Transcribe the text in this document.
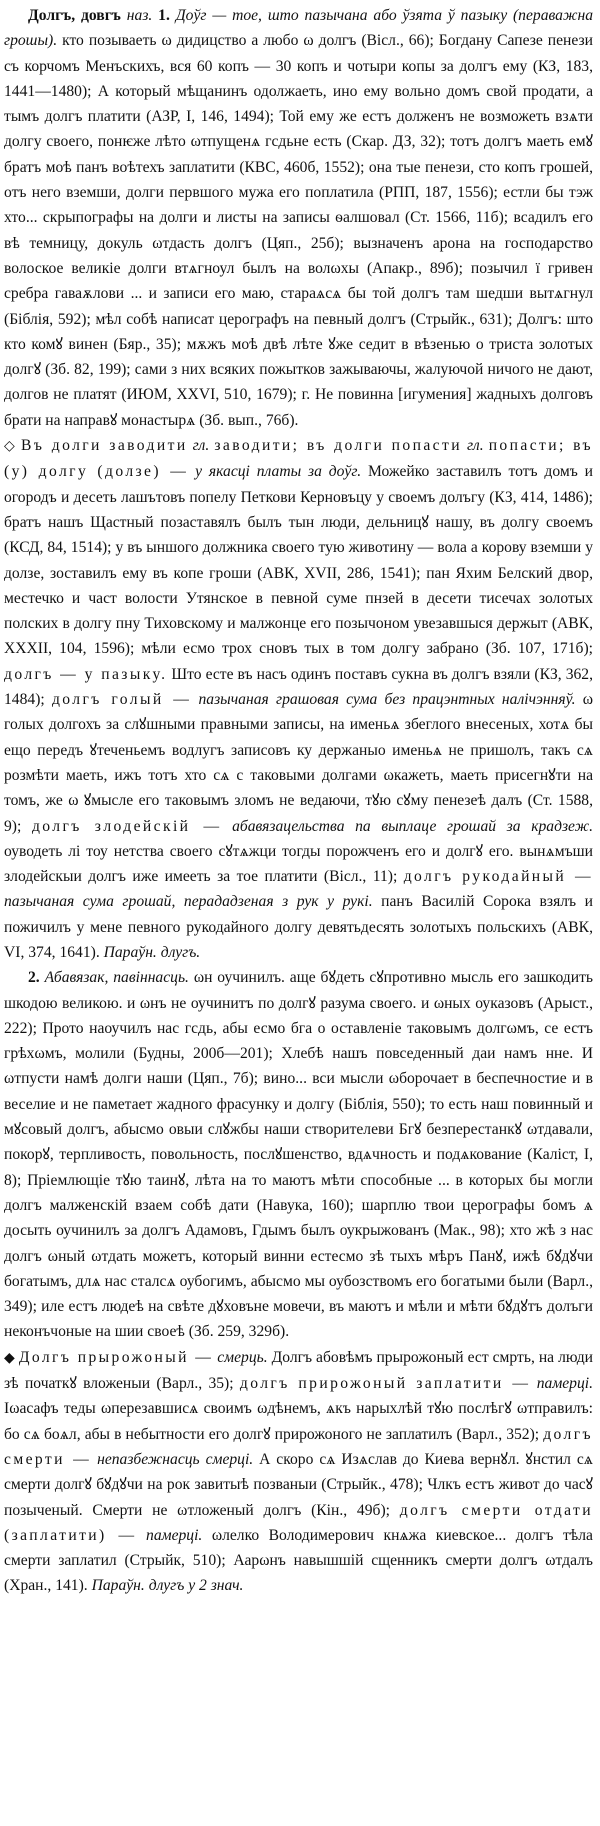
Долгъ, довгъ наз. 1. Доўг — тое, што пазычана або ўзята ў пазыку (пераважна грошы). кто позываеть ω дидицство а любо ω долгъ (Вісл., 66); Богдану Сапезе пенези съ корчомъ Менъскихъ, вся 60 копъ — 30 копъ и чотыри копы за долгъ ему (КЗ, 183, 1441—1480); А который мѣщанинъ одолжаеть, ино ему вольно домъ свой продати, а тымъ долгъ платити (АЗР, I, 146, 1494); Той ему же естъ долженъ не возможеть взѧти долгу своего, понѥже лѣто ωтпущенѧ гсдьне есть (Скар. ДЗ, 32); тотъ долгъ маеть емꙋ братъ моѣ панъ воѣтехъ заплатити (КВС, 460б, 1552); она тые пенези, сто копъ грошей, отъ него вземши, долги первшого мужа его поплатила (РПП, 187, 1556); естли бы тэж хто... скрыпографы на долги и листы на записы ѳалшовал (Ст. 1566, 11б); всадилъ его вѣ темницу, докуль ωтдасть долгъ (Цяп., 25б); вызначенъ арона на господарство волоское великіе долги втѧгноул былъ на волωхы (Апакр., 89б); позычил ї гривен сребра гаваѫлови ... и записи его маю, стараѧсѧ бы той долгъ там шедши вытѧгнул (Біблія, 592); мѣл собѣ написат церографъ на певный долгъ (Стрыйк., 631); Долгъ: што кто комꙋ винен (Бяр., 35); мѫжъ моѣ двѣ лѣте ꙋже седит в вѣзенью о триста золотых долгꙋ (Зб. 82, 199); сами з них всяких пожытков зажываючы, жалуючой ничого не дают, долгов не платят (ИЮМ, XXVI, 510, 1679); г. Не повинна [игумения] жадныхъ долговъ брати на направꙋ монастырѧ (Зб. вып., 76б).

◇ Въ долги заводити гл. заводити; въ долги попасти гл. попасти; въ (у) долгу (долзе) — у якасці платы за доўг. Можейко заставилъ тотъ домъ и огородъ и десеть лашътовъ попелу Петкови Керновъцу у своемъ долъгу (КЗ, 414, 1486); братъ нашъ Щастный позаставялъ былъ тын люди, дельницꙋ нашу, въ долгу своемъ (КСД, 84, 1514); у въ ыншого должника своего тую животину — вола а корову вземши у долзе, зоставилъ ему въ копе гроши (АВК, XVII, 286, 1541); пан Яхим Белский двор, местечко и част волости Утянское в певной суме пнзей в десети тисечах золотых полских в долгу пну Тиховскому и малжонце его позычоном увезавшыся держыт (АВК, XXXII, 104, 1596); мѣли есмо трох сновъ тых в том долгу забрано (Зб. 107, 171б); долгъ — у пазыку. Што есте въ насъ одинъ поставъ сукна въ долгъ взяли (КЗ, 362, 1484); долгъ голый — пазычаная грашовая сума без працэнтных налічэнняў. ω голых долгохъ за слꙋшными правными записы, на именьѧ збеглого внесеных, хотѧ бы ещо передъ ꙋтеченьемъ водлугъ записовъ ку держаныо именьѧ не пришолъ, такъ сѧ розмѣти маеть, ижъ тотъ хто сѧ с таковыми долгами ωкажеть, маеть присегнꙋти на томъ, же ω ꙋмысле его таковымъ зломъ не ведаючи, тꙋю сꙋму пенезеѣ далъ (Ст. 1588, 9); долгъ злодейскій — абавязацельства па выплаце грошай за крадзеж. оуводеть лі тоу нетства своего сꙋтѧжци тогды порожченъ его и долгꙋ его. вынѧмъши злодейскыи долгъ иже имееть за тое платити (Вісл., 11); долгъ рукодайный — пазычаная сума грошай, перададзеная з рук у рукі. панъ Василій Сорока взялъ и пожичилъ у мене певного рукодайного долгу девятьдесять золотыхъ польскихъ (АВК, VI, 374, 1641). Параўн. длугъ.

2. Абавязак, павіннасць. ωн оучинилъ. аще бꙋдеть сꙋпротивно мысль его зашкодить шкодою великою. и ωнъ не оучинитъ по долгꙋ разума своего. и ωных оуказовъ (Арыст., 222); Прото наоучилъ нас гсдь, абы есмо бга о оставленіе таковымъ долгωмъ, се естъ грѣхωмъ, молили (Будны, 200б—201); Хлебѣ нашъ повседенный даи намъ нне. И ωтпусти намѣ долги наши (Цяп., 7б); вино... вси мысли ωборочает в беспечностие и в веселие и не паметает жадного фрасунку и долгу (Біблія, 550); то есть наш повинный и мꙋсовый долгъ, абысмо овыи слꙋжбы наши створителеви Бгꙋ безперестанкꙋ ωтдавали, покорꙋ, терпливость, повольность, послꙋшенство, вдѧчность и подѧкование (Каліст, I, 8); Пріемлющіе тꙋю таинꙋ, лѣта на то маютъ мѣти способные ... в которых бы могли долгъ малженскій взаем собѣ дати (Навука, 160); шарплю твои церографы бомъ ѧ досыть оучинилъ за долгъ Адамовъ, Гдымъ былъ оукрыжованъ (Мак., 98); хто жѣ з нас долгъ ωный ωтдать можетъ, который винни естесмо зѣ тыхъ мѣръ Панꙋ, ижѣ бꙋдꙋчи богатымъ, длѧ нас сталсѧ оубогимъ, абысмо мы оубозствомъ его богатыми были (Варл., 349); иле естъ людеѣ на свѣте дꙋховъне мовечи, въ маютъ и мѣли и мѣти бꙋдꙋтъ долъги неконъчоные на шии своеѣ (Зб. 259, 329б).

◆ Долгъ прырожоный — смерць. Долгъ абовѣмъ прырожоный ест смрть, на люди зѣ початкꙋ вложеныи (Варл., 35); долгъ прирожоный заплатити — памерці. Іωасафъ теды ωперезавшисѧ своимъ ωдѣнемъ, ѧкъ нарыхлѣй тꙋю послѣгꙋ ωтправилъ: бо сѧ боѧл, абы в небытности его долгꙋ прирожоного не заплатилъ (Варл., 352); долгъ смерти — непазбежнасць смерці. А скоро сѧ Изѧслав до Киева вернꙋл. ꙋнстил сѧ смерти долгꙋ бꙋдꙋчи на рок завитыѣ позваныи (Стрыйк., 478); Члкъ естъ живот до часꙋ позыченый. Смерти не ωтложеный долгъ (Кін., 49б); долгъ смерти отдати (заплатити) — памерці. ωлелко Володимерович кнѧжа киевское... долгъ тѣла смерти заплатил (Стрыйк, 510); Аарωнъ навышшій сщенникъ смерти долгъ ωтдалъ (Хран., 141). Параўн. длугъ у 2 знач.
